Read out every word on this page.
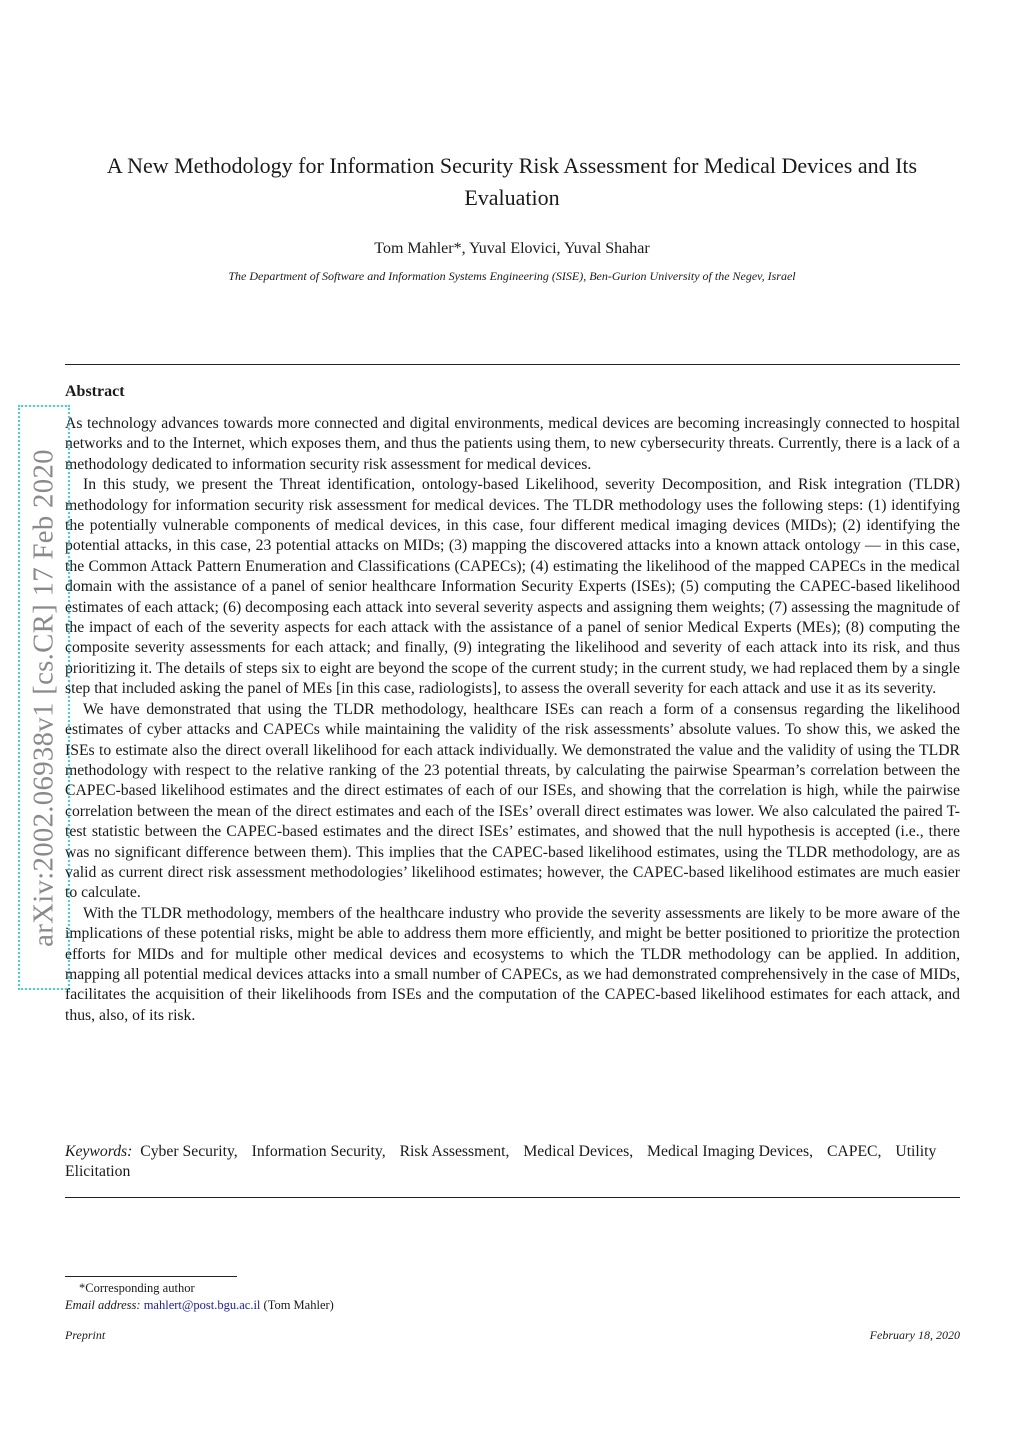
arXiv:2002.06938v1 [cs.CR] 17 Feb 2020
A New Methodology for Information Security Risk Assessment for Medical Devices and Its Evaluation
Tom Mahler*, Yuval Elovici, Yuval Shahar
The Department of Software and Information Systems Engineering (SISE), Ben-Gurion University of the Negev, Israel
Abstract

As technology advances towards more connected and digital environments, medical devices are becoming increasingly connected to hospital networks and to the Internet, which exposes them, and thus the patients using them, to new cybersecurity threats. Currently, there is a lack of a methodology dedicated to information security risk assessment for medical devices.

In this study, we present the Threat identification, ontology-based Likelihood, severity Decomposition, and Risk integration (TLDR) methodology for information security risk assessment for medical devices. The TLDR methodology uses the following steps: (1) identifying the potentially vulnerable components of medical devices, in this case, four different medical imaging devices (MIDs); (2) identifying the potential attacks, in this case, 23 potential attacks on MIDs; (3) mapping the discovered attacks into a known attack ontology — in this case, the Common Attack Pattern Enumeration and Classifications (CAPECs); (4) estimating the likelihood of the mapped CAPECs in the medical domain with the assistance of a panel of senior healthcare Information Security Experts (ISEs); (5) computing the CAPEC-based likelihood estimates of each attack; (6) decomposing each attack into several severity aspects and assigning them weights; (7) assessing the magnitude of the impact of each of the severity aspects for each attack with the assistance of a panel of senior Medical Experts (MEs); (8) computing the composite severity assessments for each attack; and finally, (9) integrating the likelihood and severity of each attack into its risk, and thus prioritizing it. The details of steps six to eight are beyond the scope of the current study; in the current study, we had replaced them by a single step that included asking the panel of MEs [in this case, radiologists], to assess the overall severity for each attack and use it as its severity.

We have demonstrated that using the TLDR methodology, healthcare ISEs can reach a form of a consensus regarding the likelihood estimates of cyber attacks and CAPECs while maintaining the validity of the risk assessments’ absolute values. To show this, we asked the ISEs to estimate also the direct overall likelihood for each attack individually. We demonstrated the value and the validity of using the TLDR methodology with respect to the relative ranking of the 23 potential threats, by calculating the pairwise Spearman’s correlation between the CAPEC-based likelihood estimates and the direct estimates of each of our ISEs, and showing that the correlation is high, while the pairwise correlation between the mean of the direct estimates and each of the ISEs’ overall direct estimates was lower. We also calculated the paired T-test statistic between the CAPEC-based estimates and the direct ISEs’ estimates, and showed that the null hypothesis is accepted (i.e., there was no significant difference between them). This implies that the CAPEC-based likelihood estimates, using the TLDR methodology, are as valid as current direct risk assessment methodologies’ likelihood estimates; however, the CAPEC-based likelihood estimates are much easier to calculate.

With the TLDR methodology, members of the healthcare industry who provide the severity assessments are likely to be more aware of the implications of these potential risks, might be able to address them more efficiently, and might be better positioned to prioritize the protection efforts for MIDs and for multiple other medical devices and ecosystems to which the TLDR methodology can be applied. In addition, mapping all potential medical devices attacks into a small number of CAPECs, as we had demonstrated comprehensively in the case of MIDs, facilitates the acquisition of their likelihoods from ISEs and the computation of the CAPEC-based likelihood estimates for each attack, and thus, also, of its risk.

Keywords: Cyber Security, Information Security, Risk Assessment, Medical Devices, Medical Imaging Devices, CAPEC, Utility Elicitation
*Corresponding author
Email address: mahlert@post.bgu.ac.il (Tom Mahler)
Preprint	February 18, 2020
